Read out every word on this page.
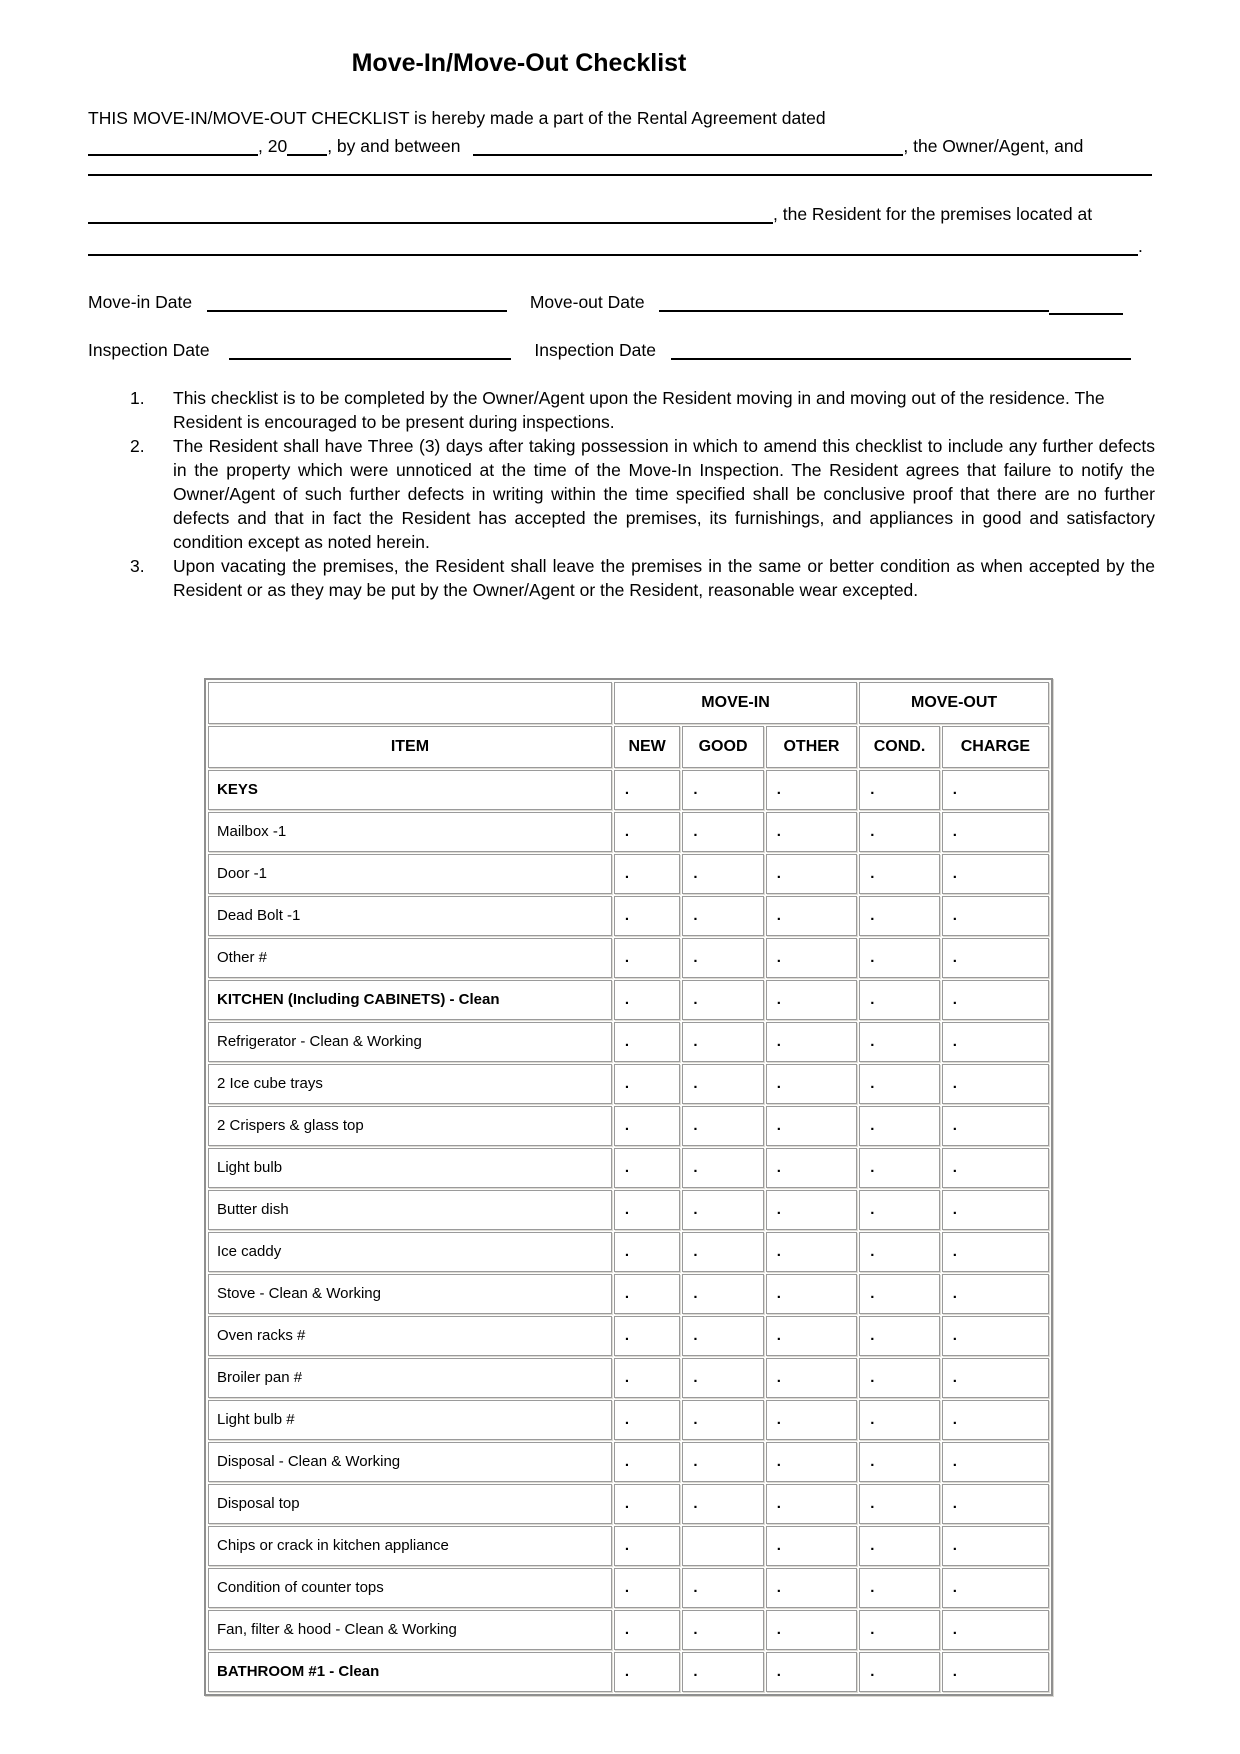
Move-In/Move-Out Checklist
THIS MOVE-IN/MOVE-OUT CHECKLIST is hereby made a part of the Rental Agreement dated
, 20 , by and between	, the Owner/Agent, and
, the Resident for the premises located at
.
Move-in Date	Move-out Date
Inspection Date	Inspection Date
1. This checklist is to be completed by the Owner/Agent upon the Resident moving in and moving out of the residence. The Resident is encouraged to be present during inspections.
2. The Resident shall have Three (3) days after taking possession in which to amend this checklist to include any further defects in the property which were unnoticed at the time of the Move-In Inspection. The Resident agrees that failure to notify the Owner/Agent of such further defects in writing within the time specified shall be conclusive proof that there are no further defects and that in fact the Resident has accepted the premises, its furnishings, and appliances in good and satisfactory condition except as noted herein.
3. Upon vacating the premises, the Resident shall leave the premises in the same or better condition as when accepted by the Resident or as they may be put by the Owner/Agent or the Resident, reasonable wear excepted.
	MOVE-IN			MOVE-OUT	
ITEM	NEW	GOOD	OTHER	COND.	CHARGE
KEYS	.	.	.	.	.
Mailbox -1	.	.	.	.	.
Door -1	.	.	.	.	.
Dead Bolt -1	.	.	.	.	.
Other #	.	.	.	.	.
KITCHEN (Including CABINETS) - Clean	.	.	.	.	.
Refrigerator - Clean & Working	.	.	.	.	.
2 Ice cube trays	.	.	.	.	.
2 Crispers & glass top	.	.	.	.	.
Light bulb	.	.	.	.	.
Butter dish	.	.	.	.	.
Ice caddy	.	.	.	.	.
Stove - Clean & Working	.	.	.	.	.
Oven racks #	.	.	.	.	.
Broiler pan #	.	.	.	.	.
Light bulb #	.	.	.	.	.
Disposal - Clean & Working	.	.	.	.	.
Disposal top	.	.	.	.	.
Chips or crack in kitchen appliance	.		.	.	.
Condition of counter tops	.	.	.	.	.
Fan, filter & hood - Clean & Working	.	.	.	.	.
BATHROOM #1 - Clean	.	.	.	.	.
